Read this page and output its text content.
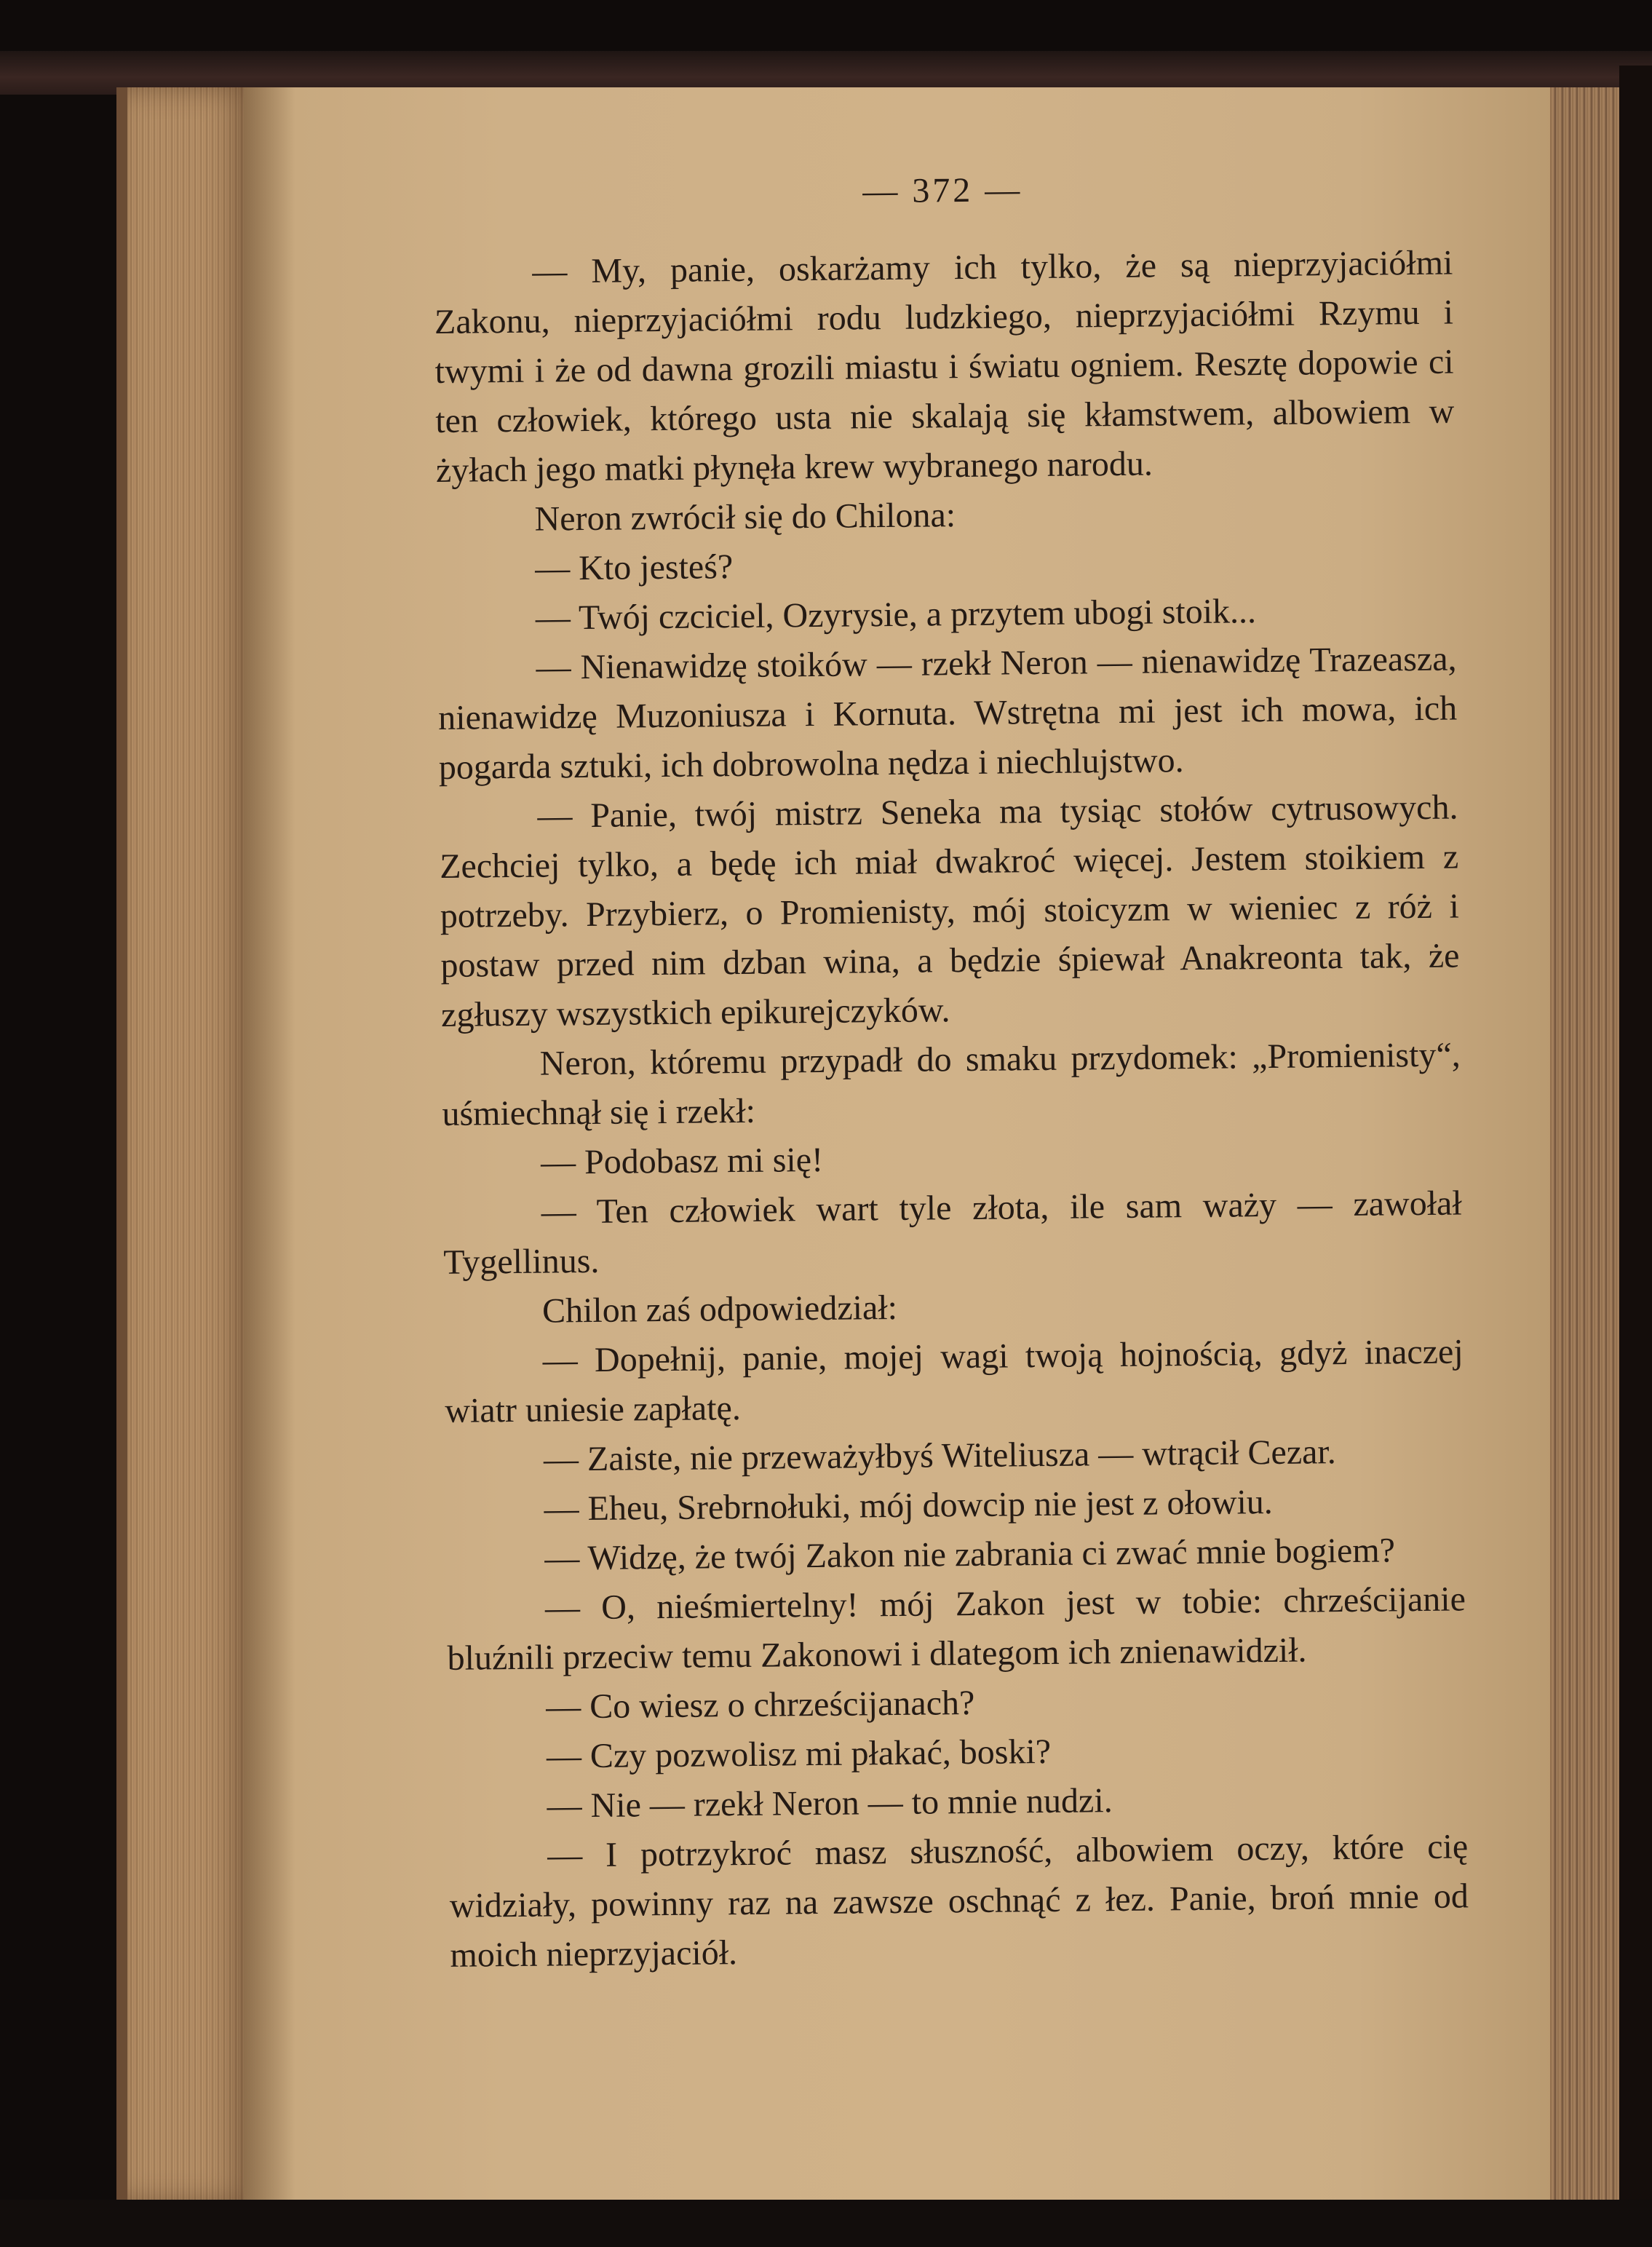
— 372 —

— My, panie, oskarżamy ich tylko, że są nieprzyjaciółmi Zakonu, nieprzyjaciółmi rodu ludzkiego, nieprzyjaciółmi Rzymu i twymi i że od dawna grozili miastu i światu ogniem. Resztę dopowie ci ten człowiek, którego usta nie skalają się kłamstwem, albowiem w żyłach jego matki płynęła krew wybranego narodu.

Neron zwrócił się do Chilona:

— Kto jesteś?

— Twój czciciel, Ozyrysie, a przytem ubogi stoik...

— Nienawidzę stoików — rzekł Neron — nienawidzę Trazeasza, nienawidzę Muzoniusza i Kornuta. Wstrętna mi jest ich mowa, ich pogarda sztuki, ich dobrowolna nędza i niechlujstwo.

— Panie, twój mistrz Seneka ma tysiąc stołów cytrusowych. Zechciej tylko, a będę ich miał dwakroć więcej. Jestem stoikiem z potrzeby. Przybierz, o Promienisty, mój stoicyzm w wieniec z róż i postaw przed nim dzban wina, a będzie śpiewał Anakreonta tak, że zgłuszy wszystkich epikurejczyków.

Neron, któremu przypadł do smaku przydomek: „Promienisty“, uśmiechnął się i rzekł:

— Podobasz mi się!

— Ten człowiek wart tyle złota, ile sam waży — zawołał Tygellinus.

Chilon zaś odpowiedział:

— Dopełnij, panie, mojej wagi twoją hojnością, gdyż inaczej wiatr uniesie zapłatę.

— Zaiste, nie przeważyłbyś Witeliusza — wtrącił Cezar.

— Eheu, Srebrnołuki, mój dowcip nie jest z ołowiu.

— Widzę, że twój Zakon nie zabrania ci zwać mnie bogiem?

— O, nieśmiertelny! mój Zakon jest w tobie: chrześcijanie bluźnili przeciw temu Zakonowi i dlategom ich znienawidził.

— Co wiesz o chrześcijanach?

— Czy pozwolisz mi płakać, boski?

— Nie — rzekł Neron — to mnie nudzi.

— I potrzykroć masz słuszność, albowiem oczy, które cię widziały, powinny raz na zawsze oschnąć z łez. Panie, broń mnie od moich nieprzyjaciół.
